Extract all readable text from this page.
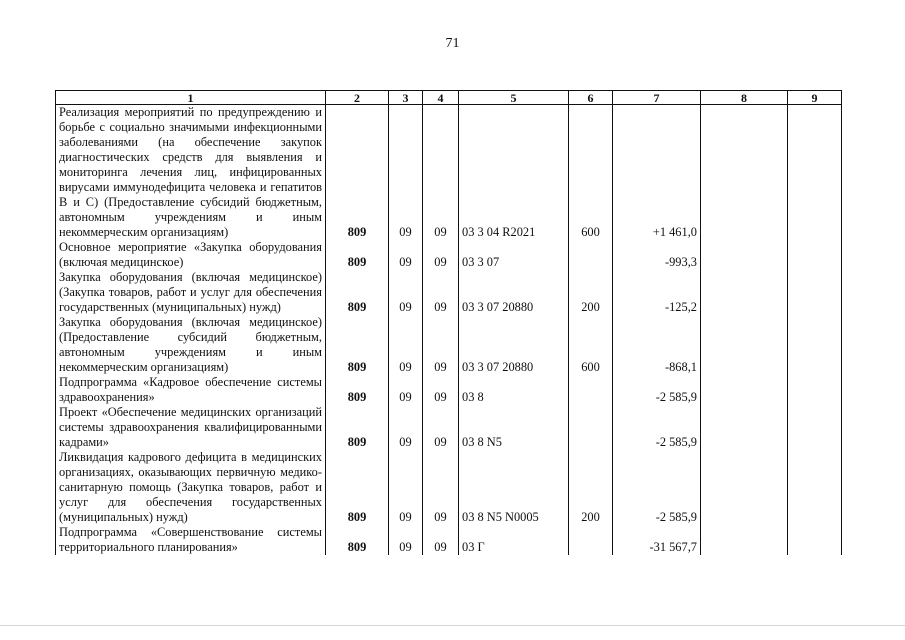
71
1	2	3	4	5	6	7	8	9
Реализация мероприятий по предупреждению и борьбе с социально значимыми инфекционными заболеваниями (на обеспечение закупок диагностических средств для выявления и мониторинга лечения лиц, инфицированных вирусами иммунодефицита человека и гепатитов В и С) (Предоставление субсидий бюджетным, автономным учреждениям и иным некоммерческим организациям)	809	09	09	03 3 04 R2021	600	+1 461,0		
Основное мероприятие «Закупка оборудования (включая медицинское)	809	09	09	03 3 07		-993,3		
Закупка оборудования (включая медицинское) (Закупка товаров, работ и услуг для обеспечения государственных (муниципальных) нужд)	809	09	09	03 3 07 20880	200	-125,2		
Закупка оборудования (включая медицинское) (Предоставление субсидий бюджетным, автономным учреждениям и иным некоммерческим организациям)	809	09	09	03 3 07 20880	600	-868,1		
Подпрограмма «Кадровое обеспечение системы здравоохранения»	809	09	09	03 8		-2 585,9		
Проект «Обеспечение медицинских организаций системы здравоохранения квалифицированными кадрами»	809	09	09	03 8 N5		-2 585,9		
Ликвидация кадрового дефицита в медицинских организациях, оказывающих первичную медико-санитарную помощь (Закупка товаров, работ и услуг для обеспечения государственных (муниципальных) нужд)	809	09	09	03 8 N5 N0005	200	-2 585,9		
Подпрограмма «Совершенствование системы территориального планирования»	809	09	09	03 Г		-31 567,7		
